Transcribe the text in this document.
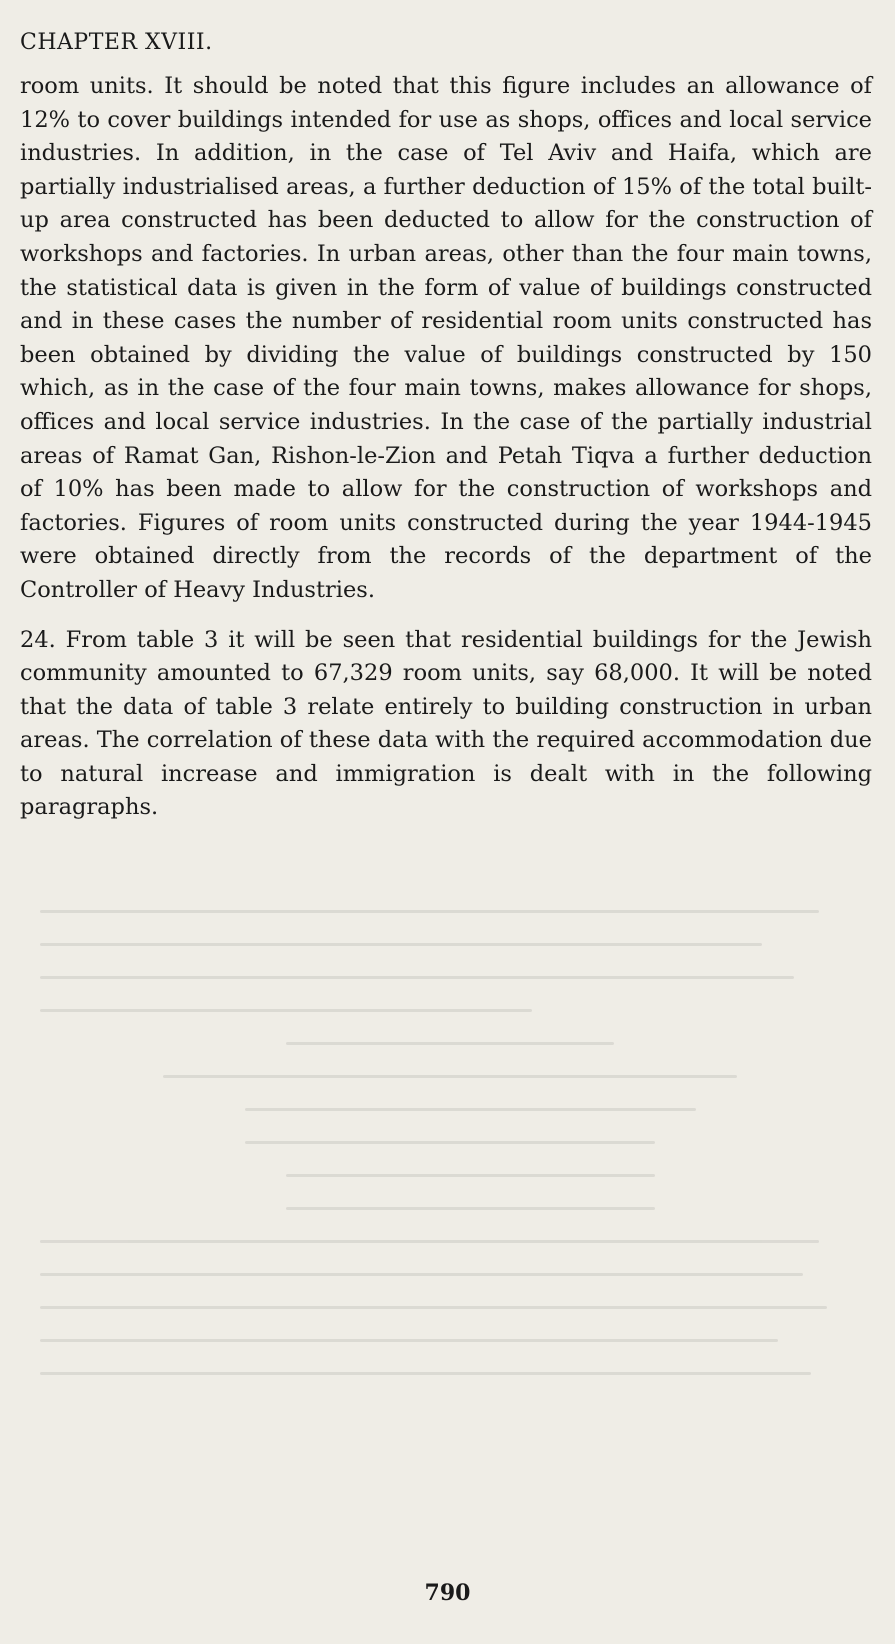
CHAPTER XVIII.

room units. It should be noted that this figure includes an allowance of 12% to cover buildings intended for use as shops, offices and local service industries. In addition, in the case of Tel Aviv and Haifa, which are partially industrialised areas, a further deduction of 15% of the total built-up area constructed has been deducted to allow for the construction of workshops and factories. In urban areas, other than the four main towns, the statistical data is given in the form of value of buildings constructed and in these cases the number of residential room units constructed has been obtained by dividing the value of buildings constructed by 150 which, as in the case of the four main towns, makes allowance for shops, offices and local service industries. In the case of the partially industrial areas of Ramat Gan, Rishon-le-Zion and Petah Tiqva a further deduction of 10% has been made to allow for the construction of workshops and factories. Figures of room units constructed during the year 1944-1945 were obtained directly from the records of the department of the Controller of Heavy Industries.

24. From table 3 it will be seen that residential buildings for the Jewish community amounted to 67,329 room units, say 68,000. It will be noted that the data of table 3 relate entirely to building construction in urban areas. The correlation of these data with the required accommodation due to natural increase and immigration is dealt with in the following paragraphs.

790
